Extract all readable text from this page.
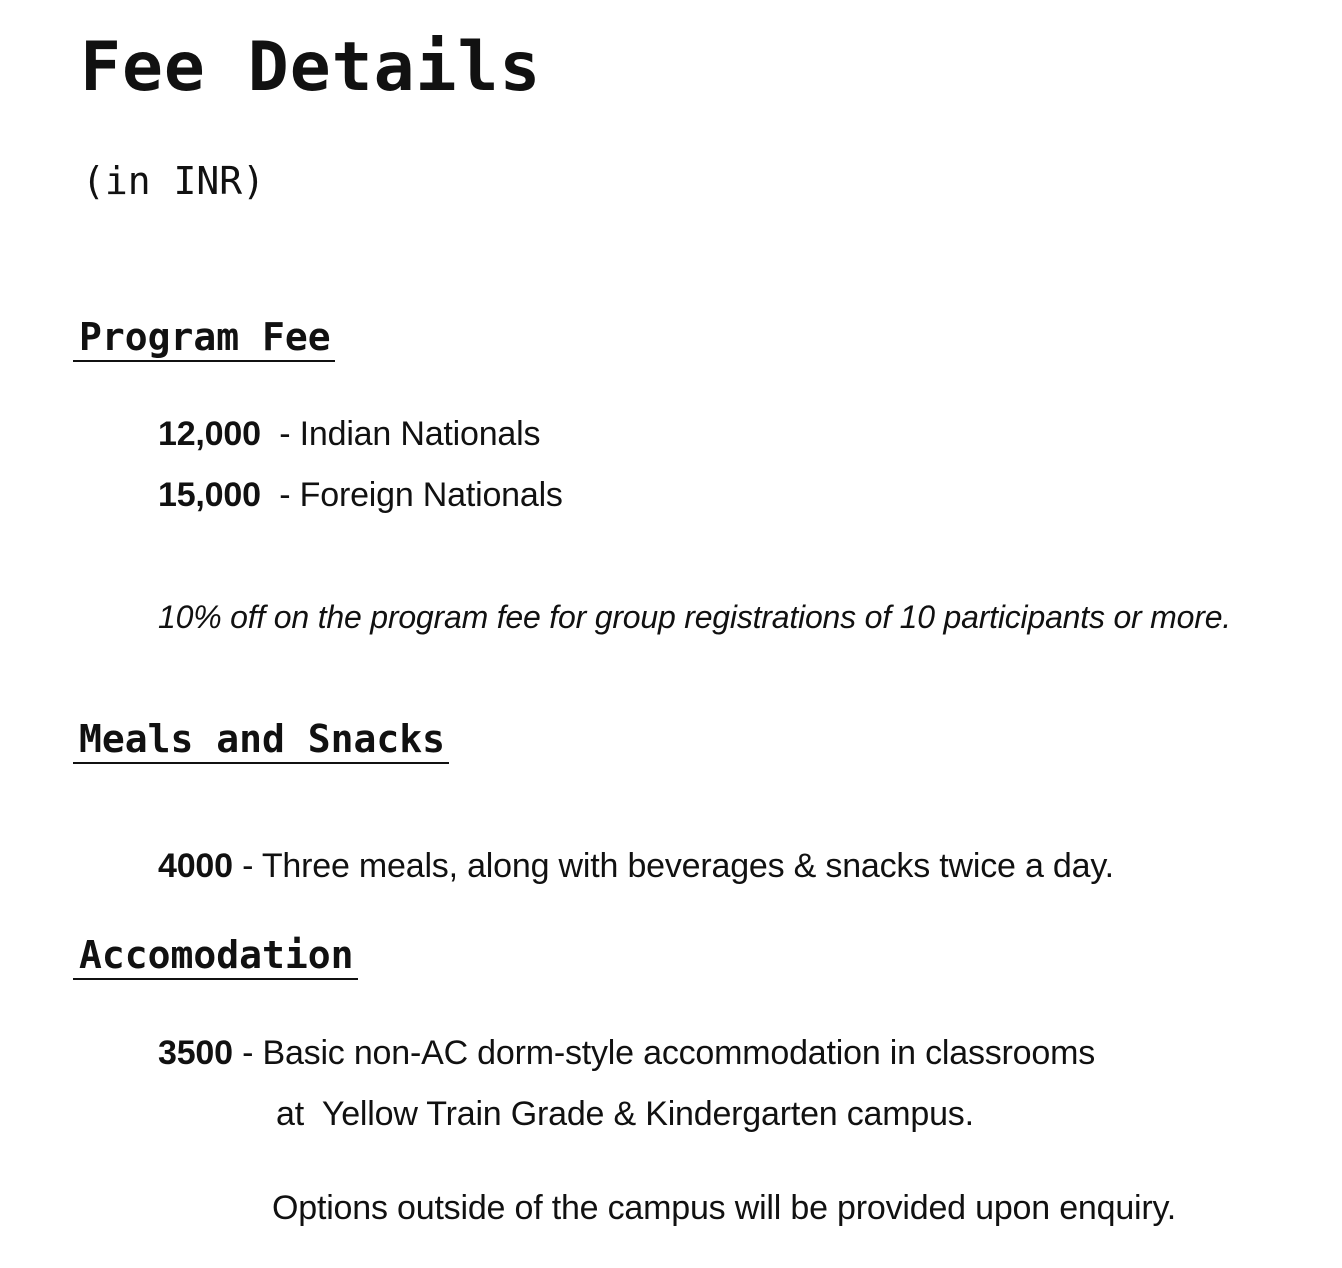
Fee Details

(in INR)

Program Fee

12,000 - Indian Nationals

15,000 - Foreign Nationals

10% off on the program fee for group registrations of 10 participants or more.

Meals and Snacks

4000 - Three meals, along with beverages & snacks twice a day.

Accomodation

3500 - Basic non-AC dorm-style accommodation in classrooms

at  Yellow Train Grade & Kindergarten campus.

Options outside of the campus will be provided upon enquiry.
